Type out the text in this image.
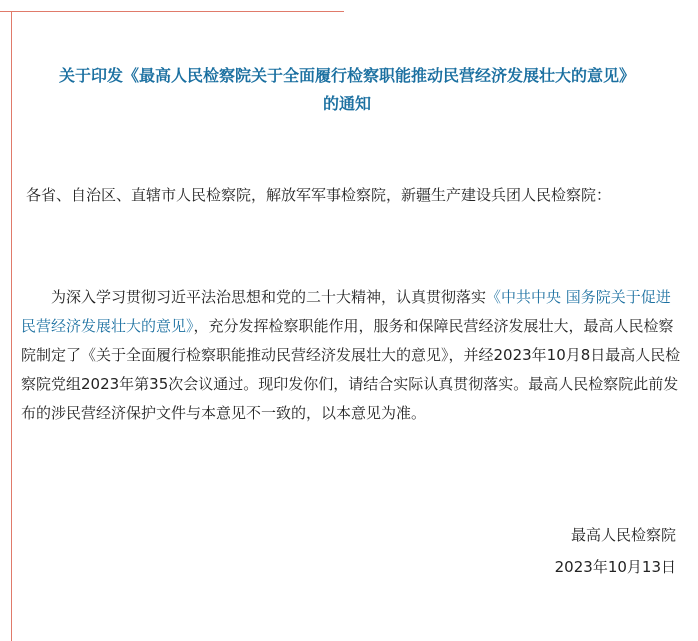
关于印发《最高人民检察院关于全面履行检察职能推动民营经济发展壮大的意见》
的通知
各省、自治区、直辖市人民检察院，解放军军事检察院，新疆生产建设兵团人民检察院：
为深入学习贯彻习近平法治思想和党的二十大精神，认真贯彻落实《中共中央 国务院关于促进民营经济发展壮大的意见》，充分发挥检察职能作用，服务和保障民营经济发展壮大，最高人民检察院制定了《关于全面履行检察职能推动民营经济发展壮大的意见》，并经2023年10月8日最高人民检察院党组2023年第35次会议通过。现印发你们，请结合实际认真贯彻落实。最高人民检察院此前发布的涉民营经济保护文件与本意见不一致的，以本意见为准。
最高人民检察院
2023年10月13日
